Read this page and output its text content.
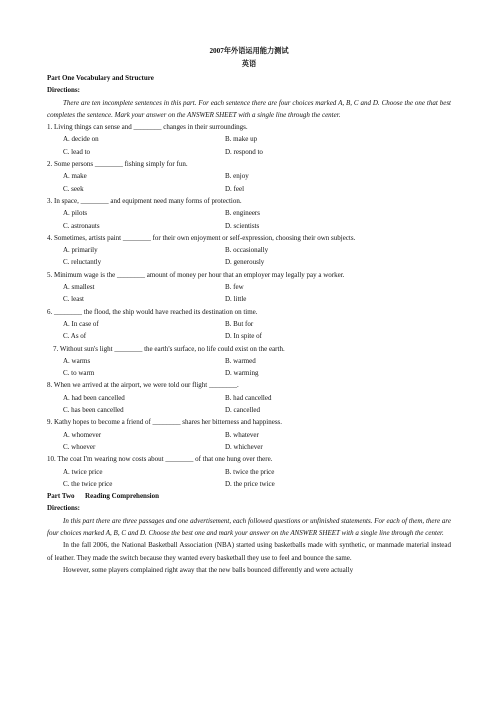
2007年外语运用能力测试
英语
Part One Vocabulary and Structure
Directions:
There are ten incomplete sentences in this part. For each sentence there are four choices marked A, B, C and D. Choose the one that best completes the sentence. Mark your answer on the ANSWER SHEET with a single line through the center.
1. Living things can sense and ________ changes in their surroundings.
A. decide on	B. make up
C. lead to	D. respond to
2. Some persons ________ fishing simply for fun.
A. make	B. enjoy
C. seek	D. feel
3. In space, ________ and equipment need many forms of protection.
A. pilots	B. engineers
C. astronauts	D. scientists
4. Sometimes, artists paint ________ for their own enjoyment or self-expression, choosing their own subjects.
A. primarily	B. occasionally
C. reluctantly	D. generously
5. Minimum wage is the ________ amount of money per hour that an employer may legally pay a worker.
A. smallest	B. few
C. least	D. little
6. ________ the flood, the ship would have reached its destination on time.
A. In case of	B. But for
C. As of	D. In spite of
7. Without sun's light ________ the earth's surface, no life could exist on the earth.
A. warms	B. warmed
C. to warm	D. warming
8. When we arrived at the airport, we were told our flight ________.
A. had been cancelled	B. had cancelled
C. has been cancelled	D. cancelled
9. Kathy hopes to become a friend of ________ shares her bitterness and happiness.
A. whomever	B. whatever
C. whoever	D. whichever
10. The coat I'm wearing now costs about ________ of that one hung over there.
A. twice price	B. twice the price
C. the twice price	D. the price twice
Part Two      Reading Comprehension
Directions:
In this part there are three passages and one advertisement, each followed questions or unfinished statements. For each of them, there are four choices marked A, B, C and D. Choose the best one and mark your answer on the ANSWER SHEET with a single line through the center.
In the fall 2006, the National Basketball Association (NBA) started using basketballs made with synthetic, or manmade material instead of leather. They made the switch because they wanted every basketball they use to feel and bounce the same.
However, some players complained right away that the new balls bounced differently and were actually
